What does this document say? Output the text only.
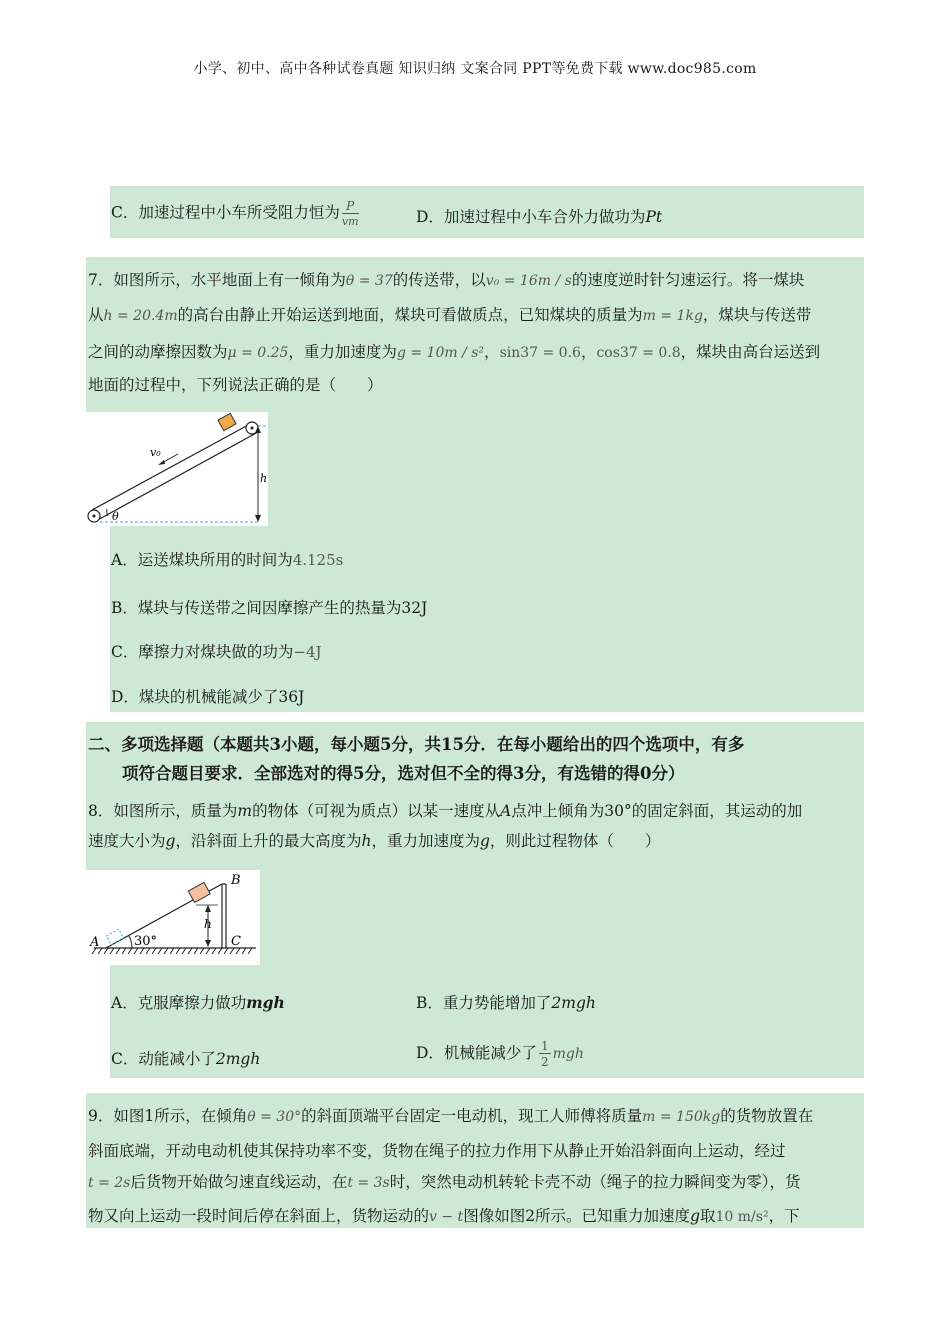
小学、初中、高中各种试卷真题 知识归纳 文案合同 PPT等免费下载 www.doc985.com
C．加速过程中小车所受阻力恒为 $\frac{P}{vm}$	D．加速过程中小车合外力做功为Pt
7．如图所示，水平地面上有一倾角为θ = 37的传送带，以v₀ = 16m / s的速度逆时针匀速运行。将一煤块
从h = 20.4m的高台由静止开始运送到地面，煤块可看做质点，已知煤块的质量为m = 1kg，煤块与传送带
之间的动摩擦因数为μ = 0.25，重力加速度为g = 10m / s²，sin37 = 0.6，cos37 = 0.8，煤块由高台运送到
地面的过程中，下列说法正确的是（　　）
v₀
h
θ
A．运送煤块所用的时间为4.125s
B．煤块与传送带之间因摩擦产生的热量为32J
C．摩擦力对煤块做的功为−4J
D．煤块的机械能减少了36J
二、多项选择题（本题共3小题，每小题5分，共15分．在每小题给出的四个选项中，有多
项符合题目要求．全部选对的得5分，选对但不全的得3分，有选错的得0分）
8．如图所示，质量为m的物体（可视为质点）以某一速度从A点冲上倾角为30°的固定斜面，其运动的加
速度大小为g，沿斜面上升的最大高度为h，重力加速度为g，则此过程物体（　　）
h
A
B
C
30°
A．克服摩擦力做功mgh	B．重力势能增加了2mgh
C．动能减小了2mgh	D．机械能减少了 $\frac{1}{2}$ mgh
9．如图1所示，在倾角θ = 30°的斜面顶端平台固定一电动机，现工人师傅将质量m = 150kg的货物放置在
斜面底端，开动电动机使其保持功率不变，货物在绳子的拉力作用下从静止开始沿斜面向上运动，经过
t = 2s后货物开始做匀速直线运动，在t = 3s时，突然电动机转轮卡壳不动（绳子的拉力瞬间变为零），货
物又向上运动一段时间后停在斜面上，货物运动的v − t图像如图2所示。已知重力加速度g取10 m/s²，下
